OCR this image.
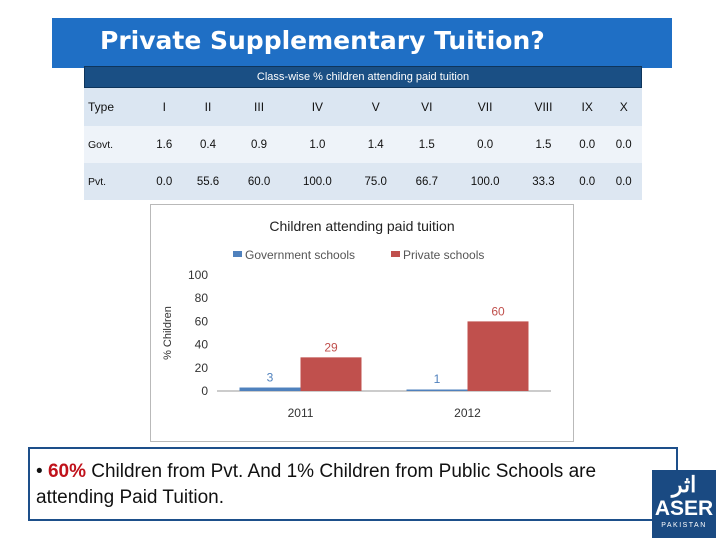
Private Supplementary Tuition?
Class-wise % children attending paid tuition
Type	I	II	III	IV	V	VI	VII	VIII	IX	X
Govt.	1.6	0.4	0.9	1.0	1.4	1.5	0.0	1.5	0.0	0.0
Pvt.	0.0	55.6	60.0	100.0	75.0	66.7	100.0	33.3	0.0	0.0
Children attending paid tuition
Government schools	Private schools
% Children
0
20
40
60
80
100
3
29
2011
1
60
2012
• 60% Children from Pvt. And 1% Children from Public Schools are attending Paid Tuition.
اثر
ASER
PAKISTAN
